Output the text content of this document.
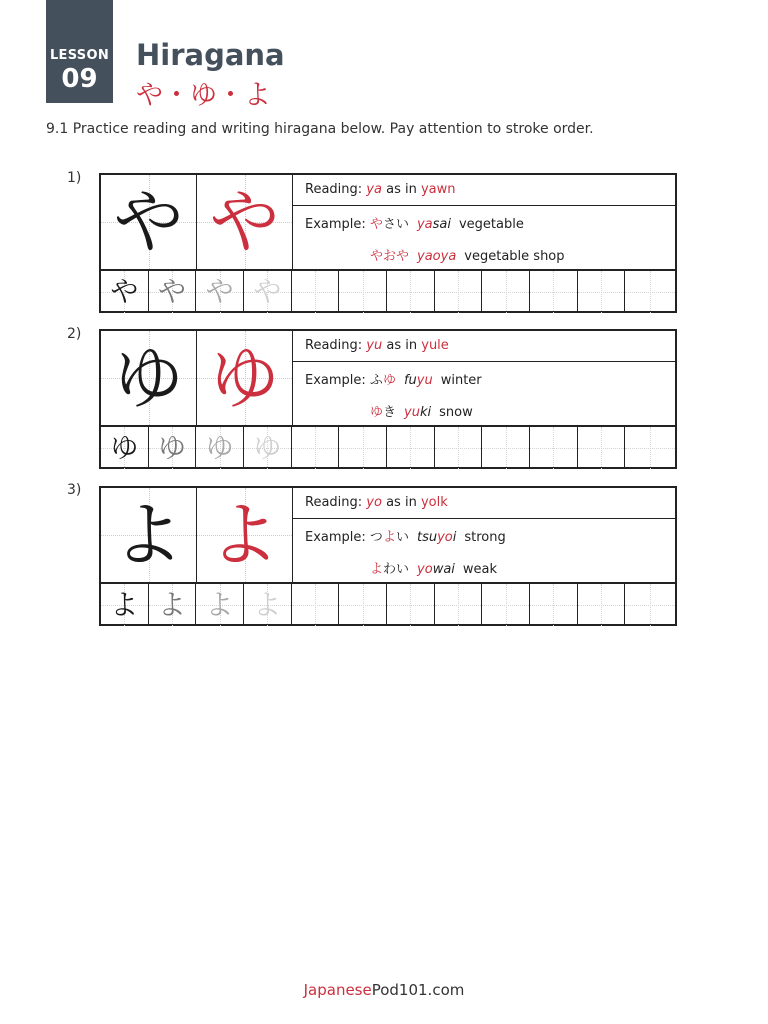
LESSON
09
Hiragana
や・ゆ・よ
9.1 Practice reading and writing hiragana below. Pay attention to stroke order.
1)
や や	Reading: ya as in yawn
Example: やさい yasai vegetable
やおや yaoya vegetable shop
や や や や
2)
ゆ ゆ	Reading: yu as in yule
Example: ふゆ fuyu winter
ゆき yuki snow
ゆ ゆ ゆ ゆ
3)
よ よ	Reading: yo as in yolk
Example: つよい tsuyoi strong
よわい yowai weak
よ よ よ よ
JapanesePod101.com
